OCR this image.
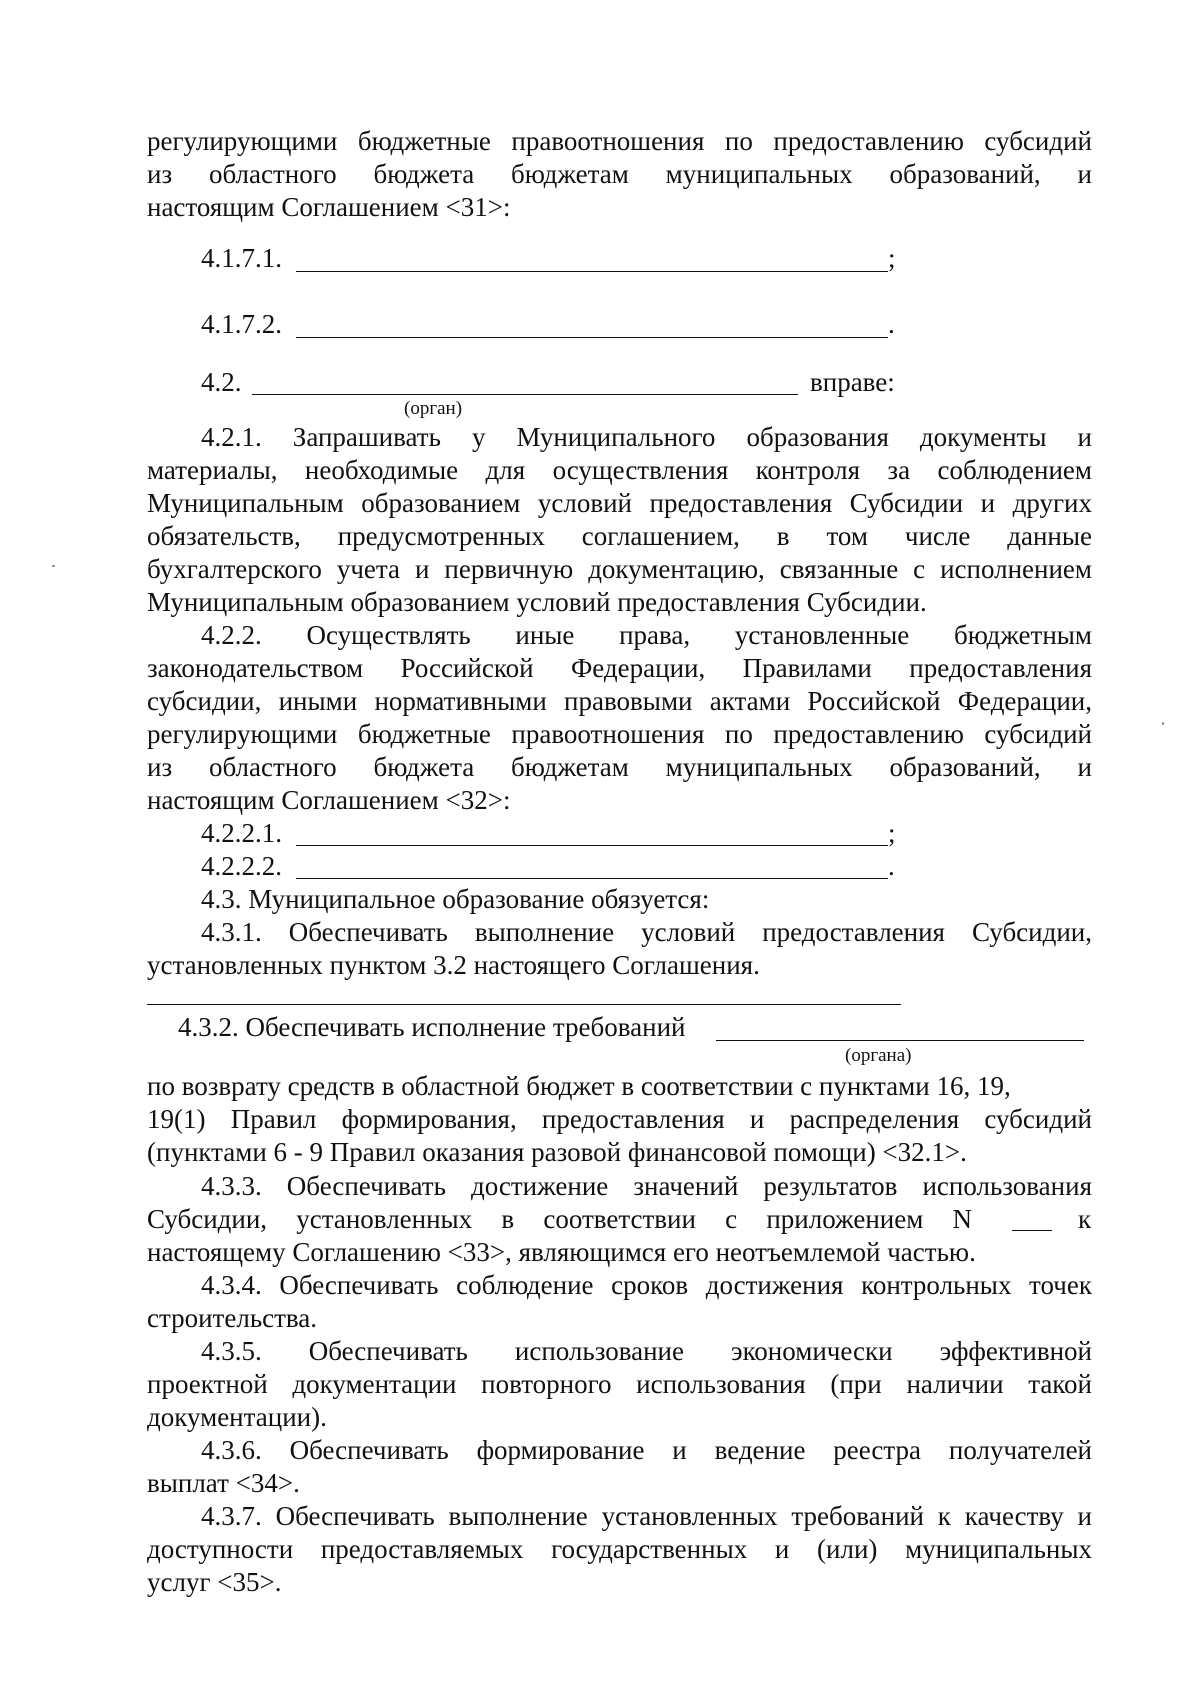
регулирующими бюджетные правоотношения по предоставлению субсидий
из областного бюджета бюджетам муниципальных образований, и
настоящим Соглашением <31>:
4.1.7.1.	;
4.1.7.2.	.
4.2.	вправе:
(орган)
4.2.1. Запрашивать у Муниципального образования документы и
материалы, необходимые для осуществления контроля за соблюдением
Муниципальным образованием условий предоставления Субсидии и других
обязательств, предусмотренных соглашением, в том числе данные
бухгалтерского учета и первичную документацию, связанные с исполнением
Муниципальным образованием условий предоставления Субсидии.
4.2.2. Осуществлять иные права, установленные бюджетным
законодательством Российской Федерации, Правилами предоставления
субсидии, иными нормативными правовыми актами Российской Федерации,
регулирующими бюджетные правоотношения по предоставлению субсидий
из областного бюджета бюджетам муниципальных образований, и
настоящим Соглашением <32>:
4.2.2.1.	;
4.2.2.2.	.
4.3. Муниципальное образование обязуется:
4.3.1. Обеспечивать выполнение условий предоставления Субсидии,
установленных пунктом 3.2 настоящего Соглашения.
4.3.2. Обеспечивать исполнение требований
(органа)
по возврату средств в областной бюджет в соответствии с пунктами 16, 19,
19(1) Правил формирования, предоставления и распределения субсидий
(пунктами 6 - 9 Правил оказания разовой финансовой помощи) <32.1>.
4.3.3. Обеспечивать достижение значений результатов использования
Субсидии, установленных в соответствии с приложением N	к
настоящему Соглашению <33>, являющимся его неотъемлемой частью.
4.3.4. Обеспечивать соблюдение сроков достижения контрольных точек
строительства.
4.3.5. Обеспечивать использование экономически эффективной
проектной документации повторного использования (при наличии такой
документации).
4.3.6. Обеспечивать формирование и ведение реестра получателей
выплат <34>.
4.3.7. Обеспечивать выполнение установленных требований к качеству и
доступности предоставляемых государственных и (или) муниципальных
услуг <35>.
